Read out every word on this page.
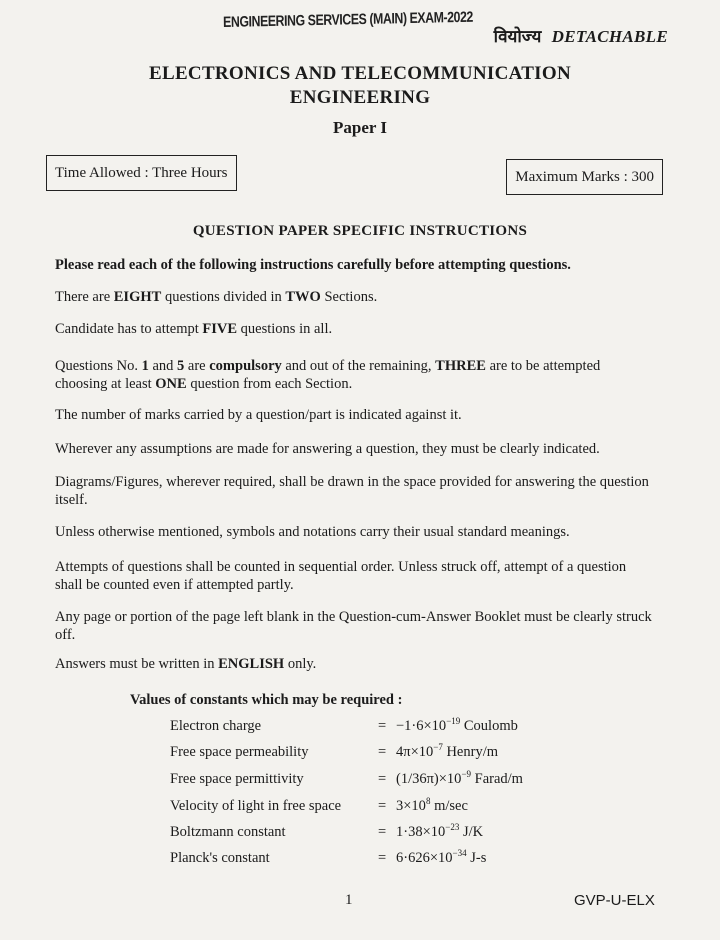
ENGINEERING SERVICES (MAIN) EXAM-2022
वियोज्य DETACHABLE
ELECTRONICS AND TELECOMMUNICATION
ENGINEERING
Paper I
Time Allowed : Three Hours	Maximum Marks : 300
QUESTION PAPER SPECIFIC INSTRUCTIONS

Please read each of the following instructions carefully before attempting questions.

There are EIGHT questions divided in TWO Sections.

Candidate has to attempt FIVE questions in all.

Questions No. 1 and 5 are compulsory and out of the remaining, THREE are to be attempted choosing at least ONE question from each Section.

The number of marks carried by a question/part is indicated against it.

Wherever any assumptions are made for answering a question, they must be clearly indicated.

Diagrams/Figures, wherever required, shall be drawn in the space provided for answering the question itself.

Unless otherwise mentioned, symbols and notations carry their usual standard meanings.

Attempts of questions shall be counted in sequential order. Unless struck off, attempt of a question shall be counted even if attempted partly.

Any page or portion of the page left blank in the Question-cum-Answer Booklet must be clearly struck off.

Answers must be written in ENGLISH only.

Values of constants which may be required :
Electron charge	= $-1\cdot 6\times 10^{-19}$ Coulomb
Free space permeability	= $4\pi\times 10^{-7}$ Henry/m
Free space permittivity	= $(1/36\pi)\times 10^{-9}$ Farad/m
Velocity of light in free space	= $3\times 10^8$ m/sec
Boltzmann constant	= $1\cdot 38\times 10^{-23}$ J/K
Planck's constant	= $6\cdot 626\times 10^{-34}$ J-s
1	GVP-U-ELX
